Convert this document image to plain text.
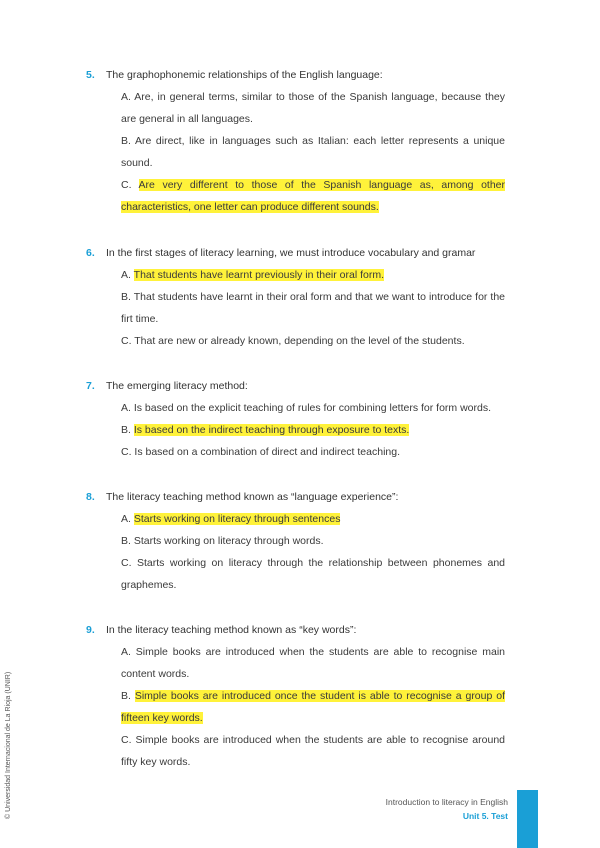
5.	The graphophonemic relationships of the English language:
A. Are, in general terms, similar to those of the Spanish language, because they are general in all languages.
B. Are direct, like in languages such as Italian: each letter represents a unique sound.
C. Are very different to those of the Spanish language as, among other characteristics, one letter can produce different sounds.
6.	In the first stages of literacy learning, we must introduce vocabulary and gramar
A. That students have learnt previously in their oral form.
B. That students have learnt in their oral form and that we want to introduce for the firt time.
C. That are new or already known, depending on the level of the students.
7.	The emerging literacy method:
A. Is based on the explicit teaching of rules for combining letters for form words.
B. Is based on the indirect teaching through exposure to texts.
C. Is based on a combination of direct and indirect teaching.
8.	The literacy teaching method known as “language experience”:
A. Starts working on literacy through sentences
B. Starts working on literacy through words.
C. Starts working on literacy through the relationship between phonemes and graphemes.
9.	In the literacy teaching method known as “key words”:
A. Simple books are introduced when the students are able to recognise main content words.
B. Simple books are introduced once the student is able to recognise a group of fifteen key words.
C. Simple books are introduced when the students are able to recognise around fifty key words.
© Universidad Internacional de La Rioja (UNIR)	Introduction to literacy in English
Unit 5. Test
